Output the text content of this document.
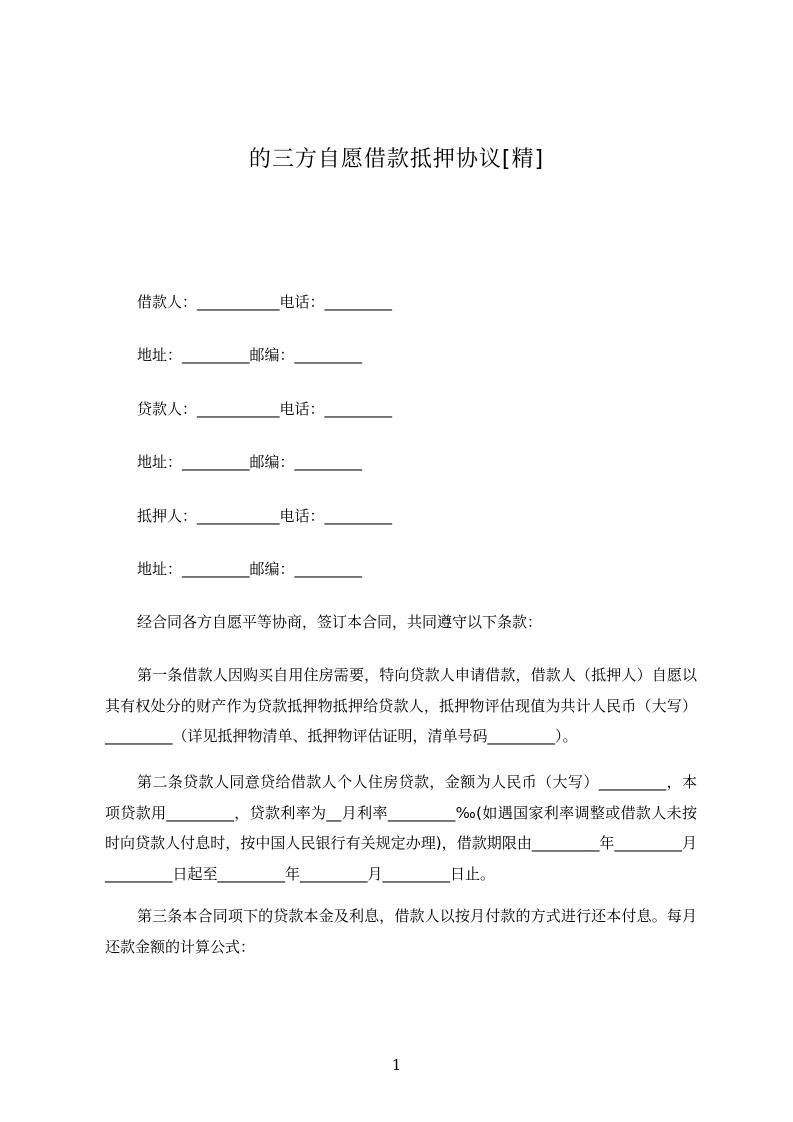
的三方自愿借款抵押协议[精]
借款人：___________电话：_________
地址：_________邮编：_________
贷款人：___________电话：_________
地址：_________邮编：_________
抵押人：___________电话：_________
地址：_________邮编：_________
经合同各方自愿平等协商，签订本合同，共同遵守以下条款：
第一条借款人因购买自用住房需要，特向贷款人申请借款，借款人（抵押人）自愿以其有权处分的财产作为贷款抵押物抵押给贷款人，抵押物评估现值为共计人民币（大写）_________（详见抵押物清单、抵押物评估证明，清单号码_________）。
第二条贷款人同意贷给借款人个人住房贷款，金额为人民币（大写）_________，本项贷款用_________，贷款利率为__月利率_________‰(如遇国家利率调整或借款人未按时向贷款人付息时，按中国人民银行有关规定办理)，借款期限由_________年_________月_________日起至_________年_________月_________日止。
第三条本合同项下的贷款本金及利息，借款人以按月付款的方式进行还本付息。每月还款金额的计算公式：
1
